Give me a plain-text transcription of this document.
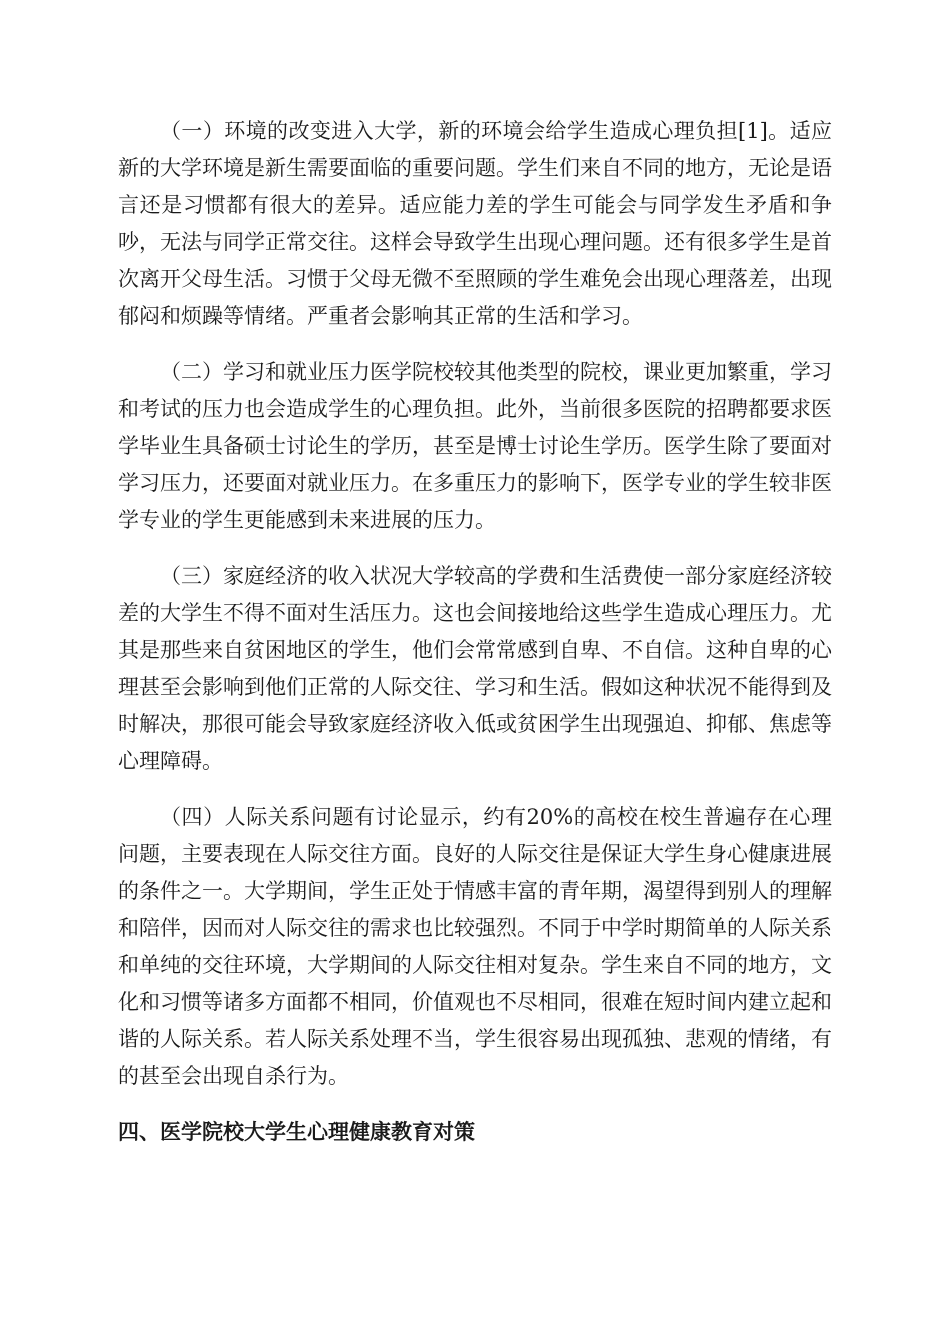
（一）环境的改变进入大学，新的环境会给学生造成心理负担[1]。适应新的大学环境是新生需要面临的重要问题。学生们来自不同的地方，无论是语言还是习惯都有很大的差异。适应能力差的学生可能会与同学发生矛盾和争吵，无法与同学正常交往。这样会导致学生出现心理问题。还有很多学生是首次离开父母生活。习惯于父母无微不至照顾的学生难免会出现心理落差，出现郁闷和烦躁等情绪。严重者会影响其正常的生活和学习。

（二）学习和就业压力医学院校较其他类型的院校，课业更加繁重，学习和考试的压力也会造成学生的心理负担。此外，当前很多医院的招聘都要求医学毕业生具备硕士讨论生的学历，甚至是博士讨论生学历。医学生除了要面对学习压力，还要面对就业压力。在多重压力的影响下，医学专业的学生较非医学专业的学生更能感到未来进展的压力。

（三）家庭经济的收入状况大学较高的学费和生活费使一部分家庭经济较差的大学生不得不面对生活压力。这也会间接地给这些学生造成心理压力。尤其是那些来自贫困地区的学生，他们会常常感到自卑、不自信。这种自卑的心理甚至会影响到他们正常的人际交往、学习和生活。假如这种状况不能得到及时解决，那很可能会导致家庭经济收入低或贫困学生出现强迫、抑郁、焦虑等心理障碍。

（四）人际关系问题有讨论显示，约有20%的高校在校生普遍存在心理问题，主要表现在人际交往方面。良好的人际交往是保证大学生身心健康进展的条件之一。大学期间，学生正处于情感丰富的青年期，渴望得到别人的理解和陪伴，因而对人际交往的需求也比较强烈。不同于中学时期简单的人际关系和单纯的交往环境，大学期间的人际交往相对复杂。学生来自不同的地方，文化和习惯等诸多方面都不相同，价值观也不尽相同，很难在短时间内建立起和谐的人际关系。若人际关系处理不当，学生很容易出现孤独、悲观的情绪，有的甚至会出现自杀行为。

四、医学院校大学生心理健康教育对策
